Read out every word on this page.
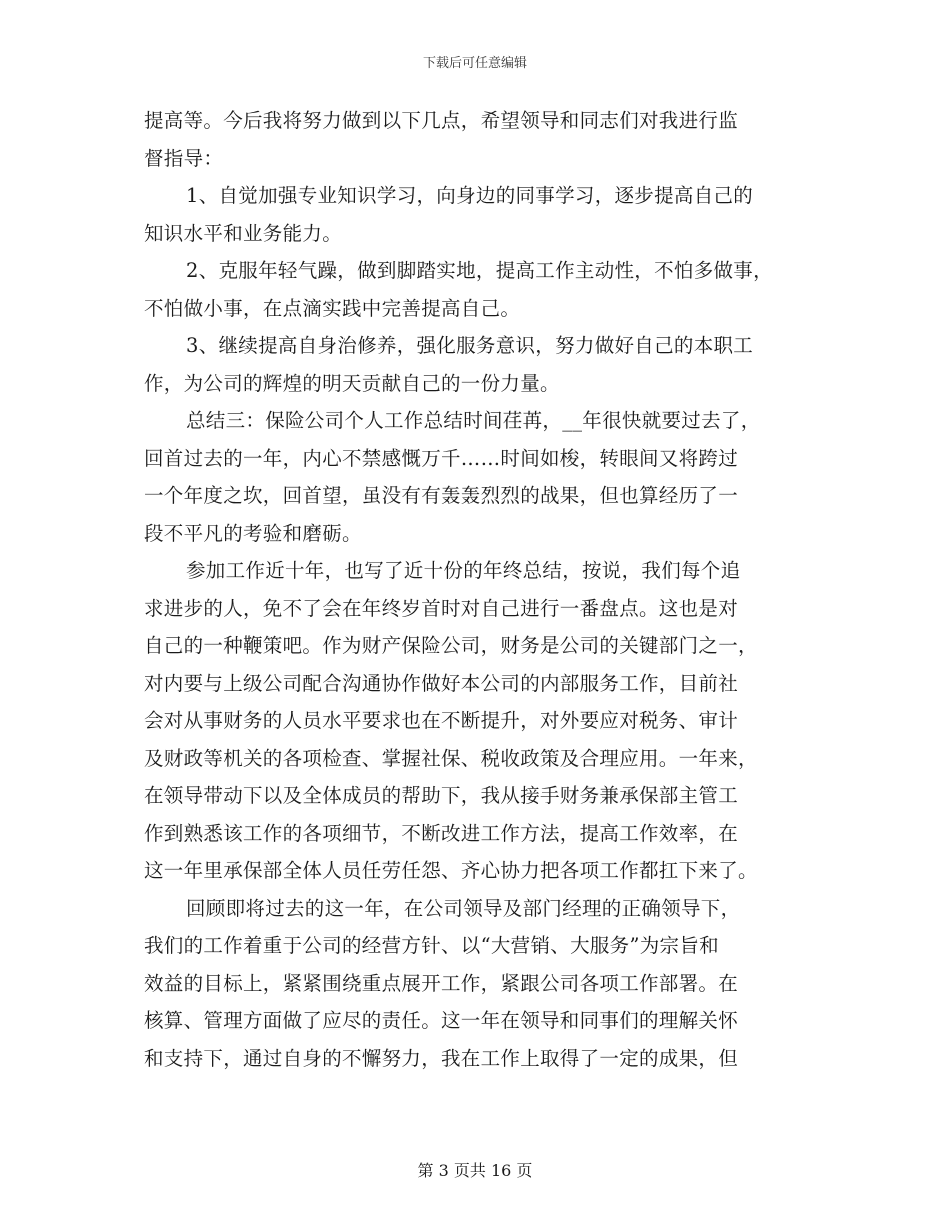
下载后可任意编辑
提高等。今后我将努力做到以下几点，希望领导和同志们对我进行监
督指导：
1、自觉加强专业知识学习，向身边的同事学习，逐步提高自己的
知识水平和业务能力。
2、克服年轻气躁，做到脚踏实地，提高工作主动性，不怕多做事，
不怕做小事，在点滴实践中完善提高自己。
3、继续提高自身治修养，强化服务意识，努力做好自己的本职工
作，为公司的辉煌的明天贡献自己的一份力量。
总结三：保险公司个人工作总结时间荏苒，__年很快就要过去了，
回首过去的一年，内心不禁感慨万千……时间如梭，转眼间又将跨过
一个年度之坎，回首望，虽没有有轰轰烈烈的战果，但也算经历了一
段不平凡的考验和磨砺。
参加工作近十年，也写了近十份的年终总结，按说，我们每个追
求进步的人，免不了会在年终岁首时对自己进行一番盘点。这也是对
自己的一种鞭策吧。作为财产保险公司，财务是公司的关键部门之一，
对内要与上级公司配合沟通协作做好本公司的内部服务工作，目前社
会对从事财务的人员水平要求也在不断提升，对外要应对税务、审计
及财政等机关的各项检查、掌握社保、税收政策及合理应用。一年来，
在领导带动下以及全体成员的帮助下，我从接手财务兼承保部主管工
作到熟悉该工作的各项细节，不断改进工作方法，提高工作效率，在
这一年里承保部全体人员任劳任怨、齐心协力把各项工作都扛下来了。
回顾即将过去的这一年，在公司领导及部门经理的正确领导下，
我们的工作着重于公司的经营方针、以“大营销、大服务”为宗旨和
效益的目标上，紧紧围绕重点展开工作，紧跟公司各项工作部署。在
核算、管理方面做了应尽的责任。这一年在领导和同事们的理解关怀
和支持下，通过自身的不懈努力，我在工作上取得了一定的成果，但
第 3 页共 16 页
